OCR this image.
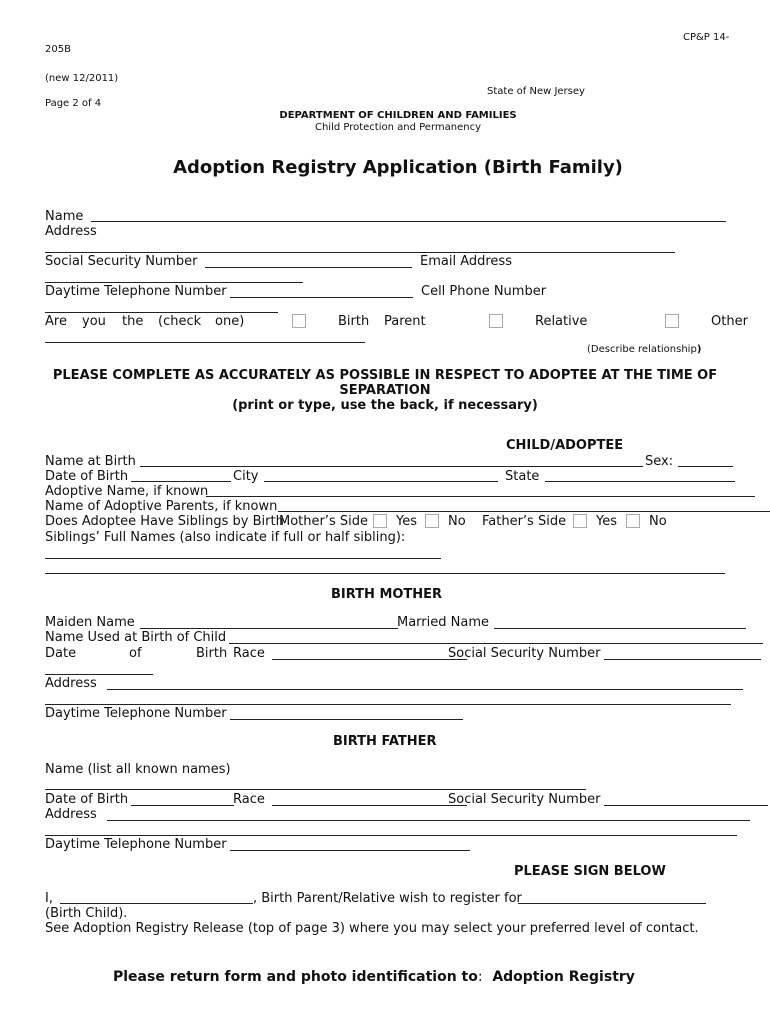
CP&P 14-
205B
(new 12/2011)
State of New Jersey
Page 2 of 4
DEPARTMENT OF CHILDREN AND FAMILIES
Child Protection and Permanency
Adoption Registry Application (Birth Family)
Name
Address
Social Security Number	Email Address
Daytime Telephone Number	Cell Phone Number
Are you the (check one)	Birth Parent	Relative	Other
(Describe relationship)
PLEASE COMPLETE AS ACCURATELY AS POSSIBLE IN RESPECT TO ADOPTEE AT THE TIME OF
SEPARATION
(print or type, use the back, if necessary)
CHILD/ADOPTEE
Name at Birth	Sex:
Date of Birth	City	State
Adoptive Name, if known
Name of Adoptive Parents, if known
Does Adoptee Have Siblings by Birth
Mother’s Side Yes No Father’s Side Yes No
Siblings’ Full Names (also indicate if full or half sibling):
BIRTH MOTHER
Maiden Name	Married Name
Name Used at Birth of Child
Date	of	Birth Race	Social Security Number
Address
Daytime Telephone Number
BIRTH FATHER
Name (list all known names)
Date of Birth	Race	Social Security Number
Address
Daytime Telephone Number
PLEASE SIGN BELOW
I,	, Birth Parent/Relative wish to register for
(Birth Child).
See Adoption Registry Release (top of page 3) where you may select your preferred level of contact.
Please return form and photo identification to: Adoption Registry
